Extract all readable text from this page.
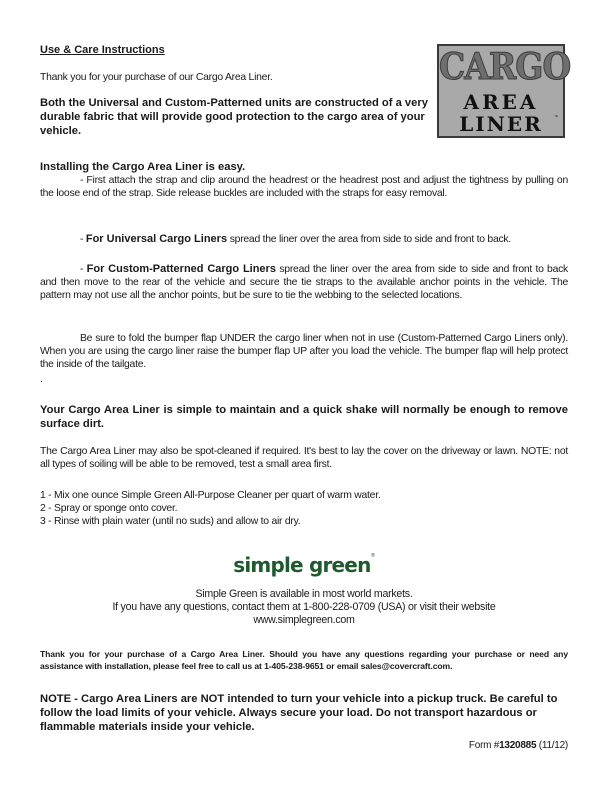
Use & Care Instructions
Thank you for your purchase of our Cargo Area Liner.
Both the Universal and Custom-Patterned units are constructed of a very durable fabric that will provide good protection to the cargo area of your vehicle.
Installing the Cargo Area Liner is easy.
- First attach the strap and clip around the headrest or the headrest post and adjust the tightness by pulling on the loose end of the strap. Side release buckles are included with the straps for easy removal.
- For Universal Cargo Liners spread the liner over the area from side to side and front to back.
- For Custom-Patterned Cargo Liners spread the liner over the area from side to side and front to back and then move to the rear of the vehicle and secure the tie straps to the available anchor points in the vehicle. The pattern may not use all the anchor points, but be sure to tie the webbing to the selected locations.
Be sure to fold the bumper flap UNDER the cargo liner when not in use (Custom-Patterned Cargo Liners only). When you are using the cargo liner raise the bumper flap UP after you load the vehicle. The bumper flap will help protect the inside of the tailgate.
.
Your Cargo Area Liner is simple to maintain and a quick shake will normally be enough to remove surface dirt.
The Cargo Area Liner may also be spot-cleaned if required. It's best to lay the cover on the driveway or lawn. NOTE: not all types of soiling will be able to be removed, test a small area first.
1 - Mix one ounce Simple Green All-Purpose Cleaner per quart of warm water.
2 - Spray or sponge onto cover.
3 - Rinse with plain water (until no suds) and allow to air dry.
simple green®
Simple Green is available in most world markets.
If you have any questions, contact them at 1-800-228-0709 (USA) or visit their website
www.simplegreen.com
Thank you for your purchase of a Cargo Area Liner. Should you have any questions regarding your purchase or need any assistance with installation, please feel free to call us at 1-405-238-9651 or email sales@covercraft.com.
NOTE - Cargo Area Liners are NOT intended to turn your vehicle into a pickup truck. Be careful to follow the load limits of your vehicle. Always secure your load. Do not transport hazardous or flammable materials inside your vehicle.
Form #1320885 (11/12)
CARGO
AREA
LINER	™
